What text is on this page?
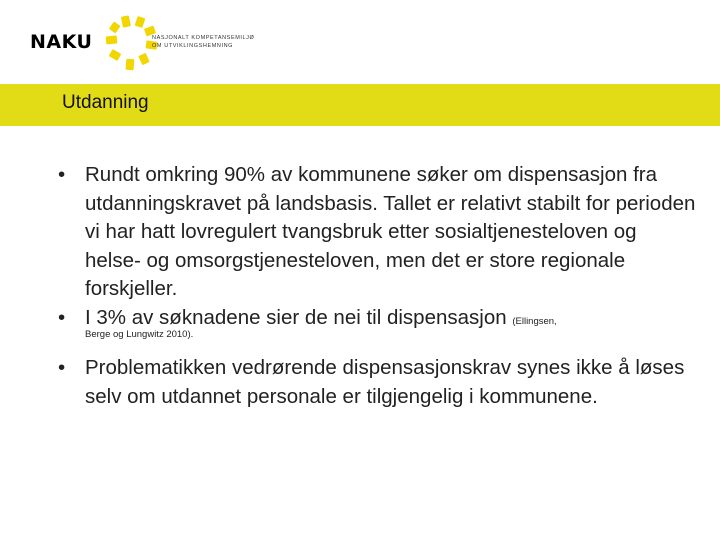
NAKU	NASJONALT KOMPETANSEMILJØ
OM UTVIKLINGSHEMNING
Utdanning
• Rundt omkring 90% av kommunene søker om dispensasjon fra utdanningskravet på landsbasis. Tallet er relativt stabilt for perioden vi har hatt lovregulert tvangsbruk etter sosialtjenesteloven og helse- og omsorgstjenesteloven, men det er store regionale forskjeller.
• I 3% av søknadene sier de nei til dispensasjon (Ellingsen,
Berge og Lungwitz 2010).
• Problematikken vedrørende dispensasjonskrav synes ikke å løses selv om utdannet personale er tilgjengelig i kommunene.
